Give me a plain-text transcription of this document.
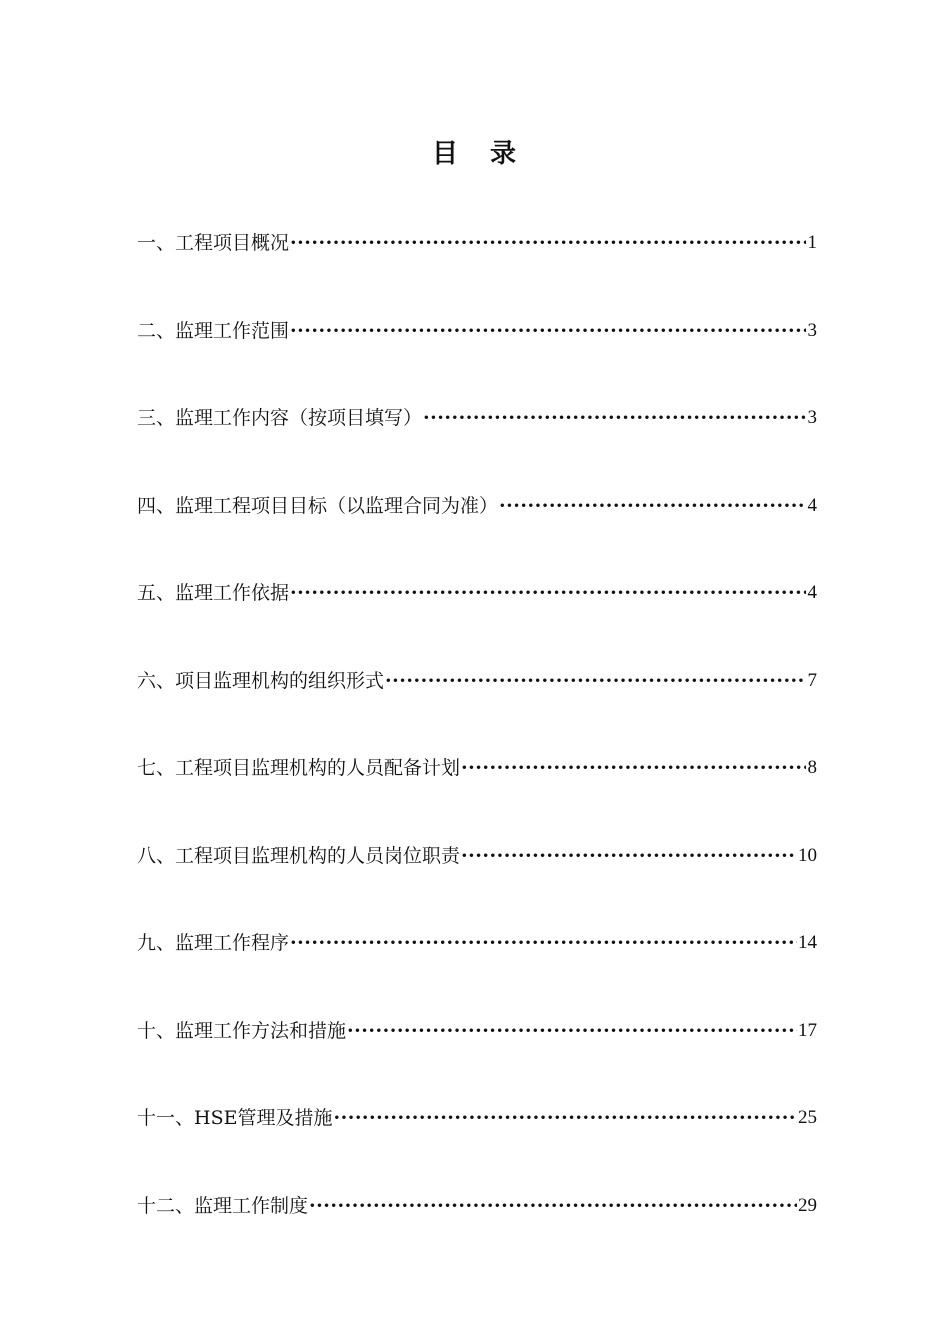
目 录
一、工程项目概况 ·····	1
二、监理工作范围 ·····	3
三、监理工作内容（按项目填写） ·····	3
四、监理工程项目目标（以监理合同为准） ·····	4
五、监理工作依据 ·····	4
六、项目监理机构的组织形式 ·····	7
七、工程项目监理机构的人员配备计划 ·····	8
八、工程项目监理机构的人员岗位职责 ·····	10
九、监理工作程序 ·····	14
十、监理工作方法和措施 ·····	17
十一、HSE管理及措施 ·····	25
十二、监理工作制度 ·····	29
